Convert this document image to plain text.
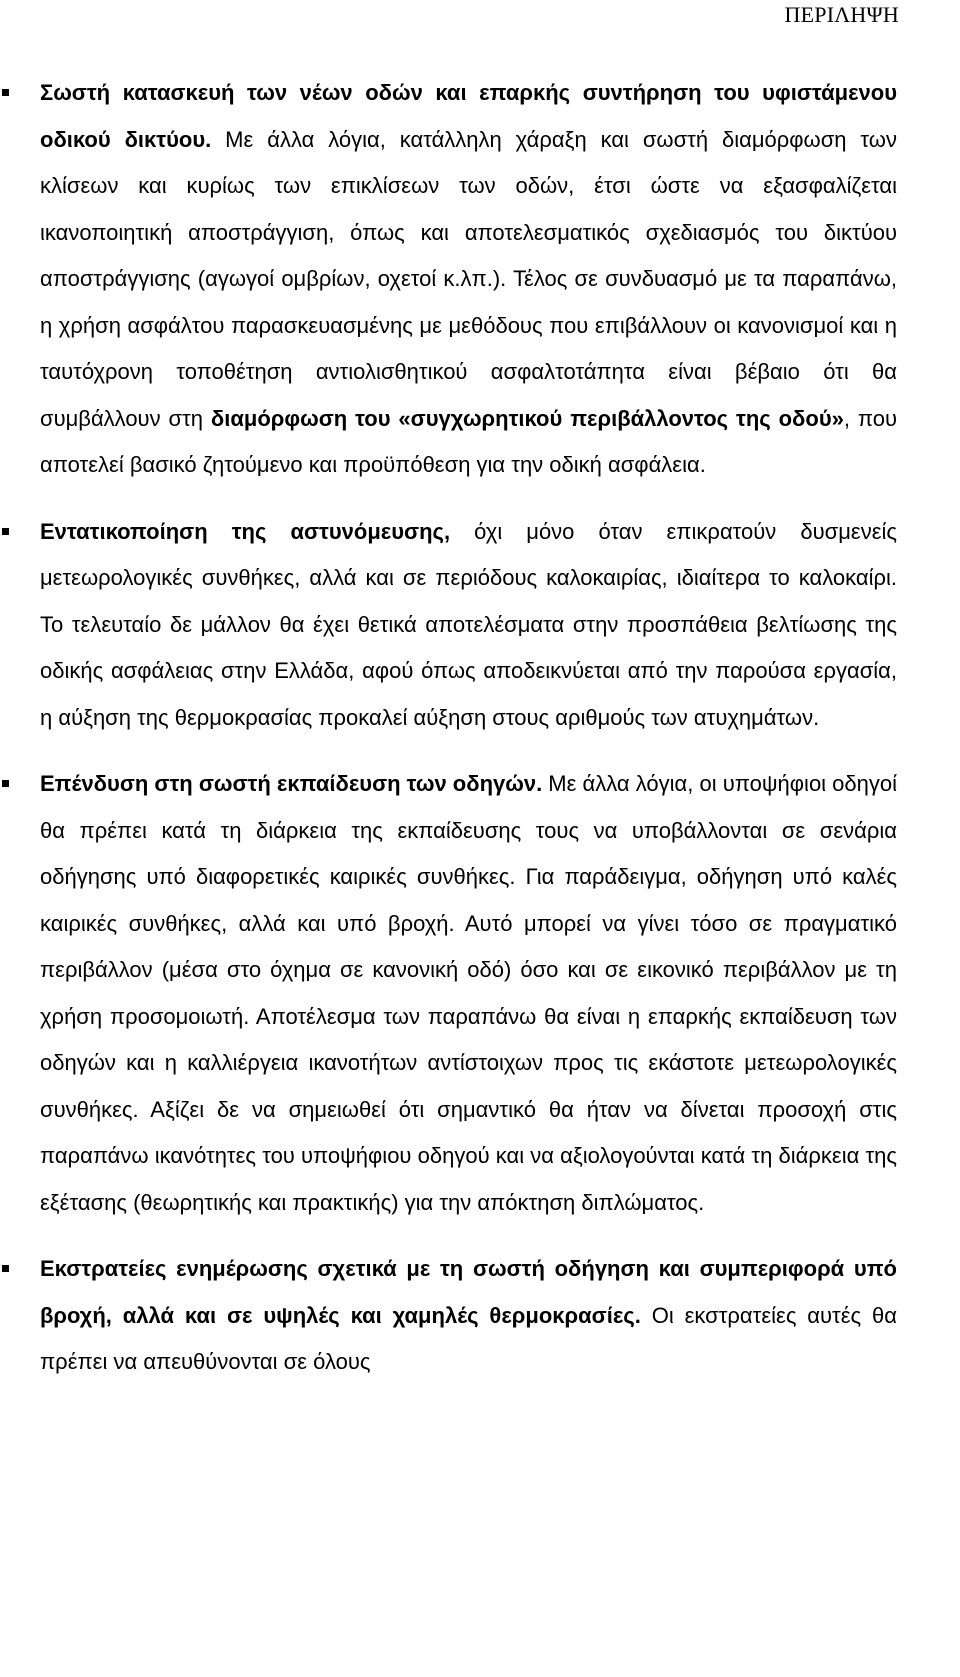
ΠΕΡΙΛΗΨΗ
Σωστή κατασκευή των νέων οδών και επαρκής συντήρηση του υφιστάμενου οδικού δικτύου. Με άλλα λόγια, κατάλληλη χάραξη και σωστή διαμόρφωση των κλίσεων και κυρίως των επικλίσεων των οδών, έτσι ώστε να εξασφαλίζεται ικανοποιητική αποστράγγιση, όπως και αποτελεσματικός σχεδιασμός του δικτύου αποστράγγισης (αγωγοί ομβρίων, οχετοί κ.λπ.). Τέλος σε συνδυασμό με τα παραπάνω, η χρήση ασφάλτου παρασκευασμένης με μεθόδους που επιβάλλουν οι κανονισμοί και η ταυτόχρονη τοποθέτηση αντιολισθητικού ασφαλτοτάπητα είναι βέβαιο ότι θα συμβάλλουν στη διαμόρφωση του «συγχωρητικού περιβάλλοντος της οδού», που αποτελεί βασικό ζητούμενο και προϋπόθεση για την οδική ασφάλεια.
Εντατικοποίηση της αστυνόμευσης, όχι μόνο όταν επικρατούν δυσμενείς μετεωρολογικές συνθήκες, αλλά και σε περιόδους καλοκαιρίας, ιδιαίτερα το καλοκαίρι. Το τελευταίο δε μάλλον θα έχει θετικά αποτελέσματα στην προσπάθεια βελτίωσης της οδικής ασφάλειας στην Ελλάδα, αφού όπως αποδεικνύεται από την παρούσα εργασία, η αύξηση της θερμοκρασίας προκαλεί αύξηση στους αριθμούς των ατυχημάτων.
Επένδυση στη σωστή εκπαίδευση των οδηγών. Με άλλα λόγια, οι υποψήφιοι οδηγοί θα πρέπει κατά τη διάρκεια της εκπαίδευσης τους να υποβάλλονται σε σενάρια οδήγησης υπό διαφορετικές καιρικές συνθήκες. Για παράδειγμα, οδήγηση υπό καλές καιρικές συνθήκες, αλλά και υπό βροχή. Αυτό μπορεί να γίνει τόσο σε πραγματικό περιβάλλον (μέσα στο όχημα σε κανονική οδό) όσο και σε εικονικό περιβάλλον με τη χρήση προσομοιωτή. Αποτέλεσμα των παραπάνω θα είναι η επαρκής εκπαίδευση των οδηγών και η καλλιέργεια ικανοτήτων αντίστοιχων προς τις εκάστοτε μετεωρολογικές συνθήκες. Αξίζει δε να σημειωθεί ότι σημαντικό θα ήταν να δίνεται προσοχή στις παραπάνω ικανότητες του υποψήφιου οδηγού και να αξιολογούνται κατά τη διάρκεια της εξέτασης (θεωρητικής και πρακτικής) για την απόκτηση διπλώματος.
Εκστρατείες ενημέρωσης σχετικά με τη σωστή οδήγηση και συμπεριφορά υπό βροχή, αλλά και σε υψηλές και χαμηλές θερμοκρασίες. Οι εκστρατείες αυτές θα πρέπει να απευθύνονται σε όλους
